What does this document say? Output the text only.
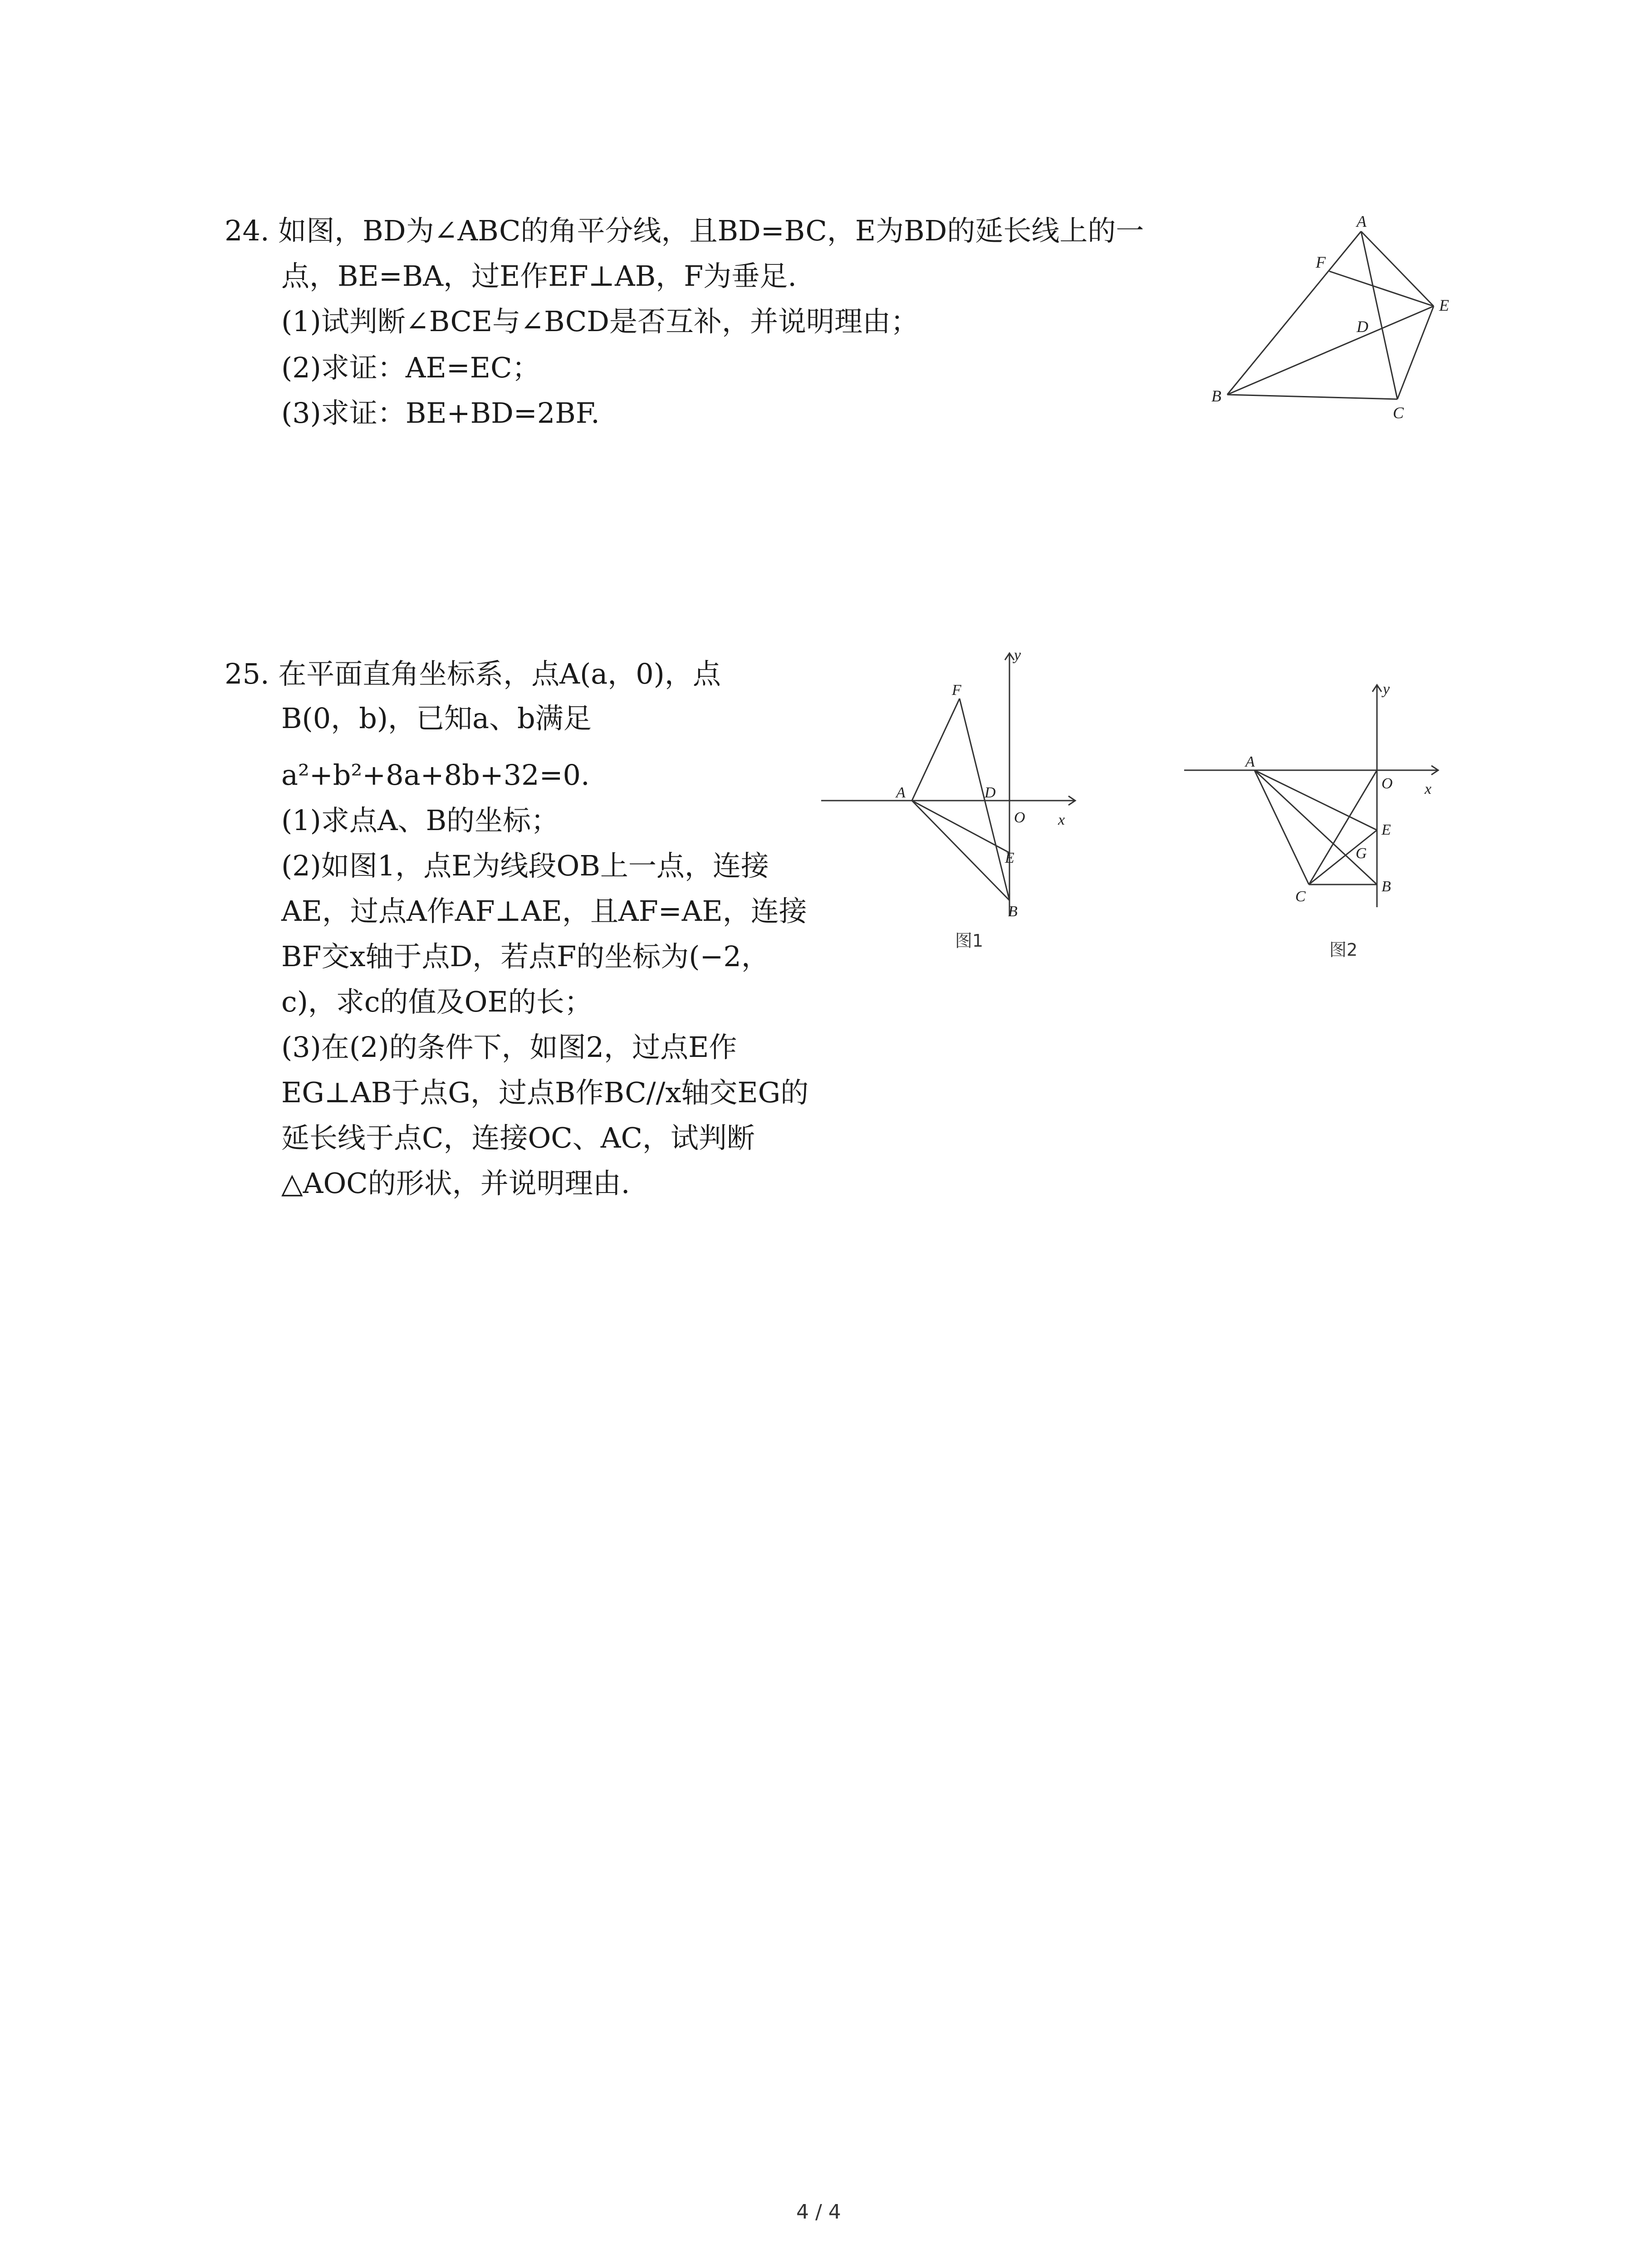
24. 如图，BD为∠ABC的角平分线，且BD=BC，E为BD的延长线上的一
点，BE=BA，过E作EF⊥AB，F为垂足.
(1)试判断∠BCE与∠BCD是否互补，并说明理由；
(2)求证：AE=EC；
(3)求证：BE+BD=2BF.
A
F
E
D
B
C
25. 在平面直角坐标系，点A(a，0)，点
B(0，b)，已知a、b满足
a²+b²+8a+8b+32=0.
(1)求点A、B的坐标；
(2)如图1，点E为线段OB上一点，连接
AE，过点A作AF⊥AE，且AF=AE，连接
BF交x轴于点D，若点F的坐标为(−2，
c)，求c的值及OE的长；
(3)在(2)的条件下，如图2，过点E作
EG⊥AB于点G，过点B作BC//x轴交EG的
延长线于点C，连接OC、AC，试判断
△AOC的形状，并说明理由.
y
x
F
A	D
O
E
B
图1
y
x
A
O
E
G
C
B
图2
4 / 4
